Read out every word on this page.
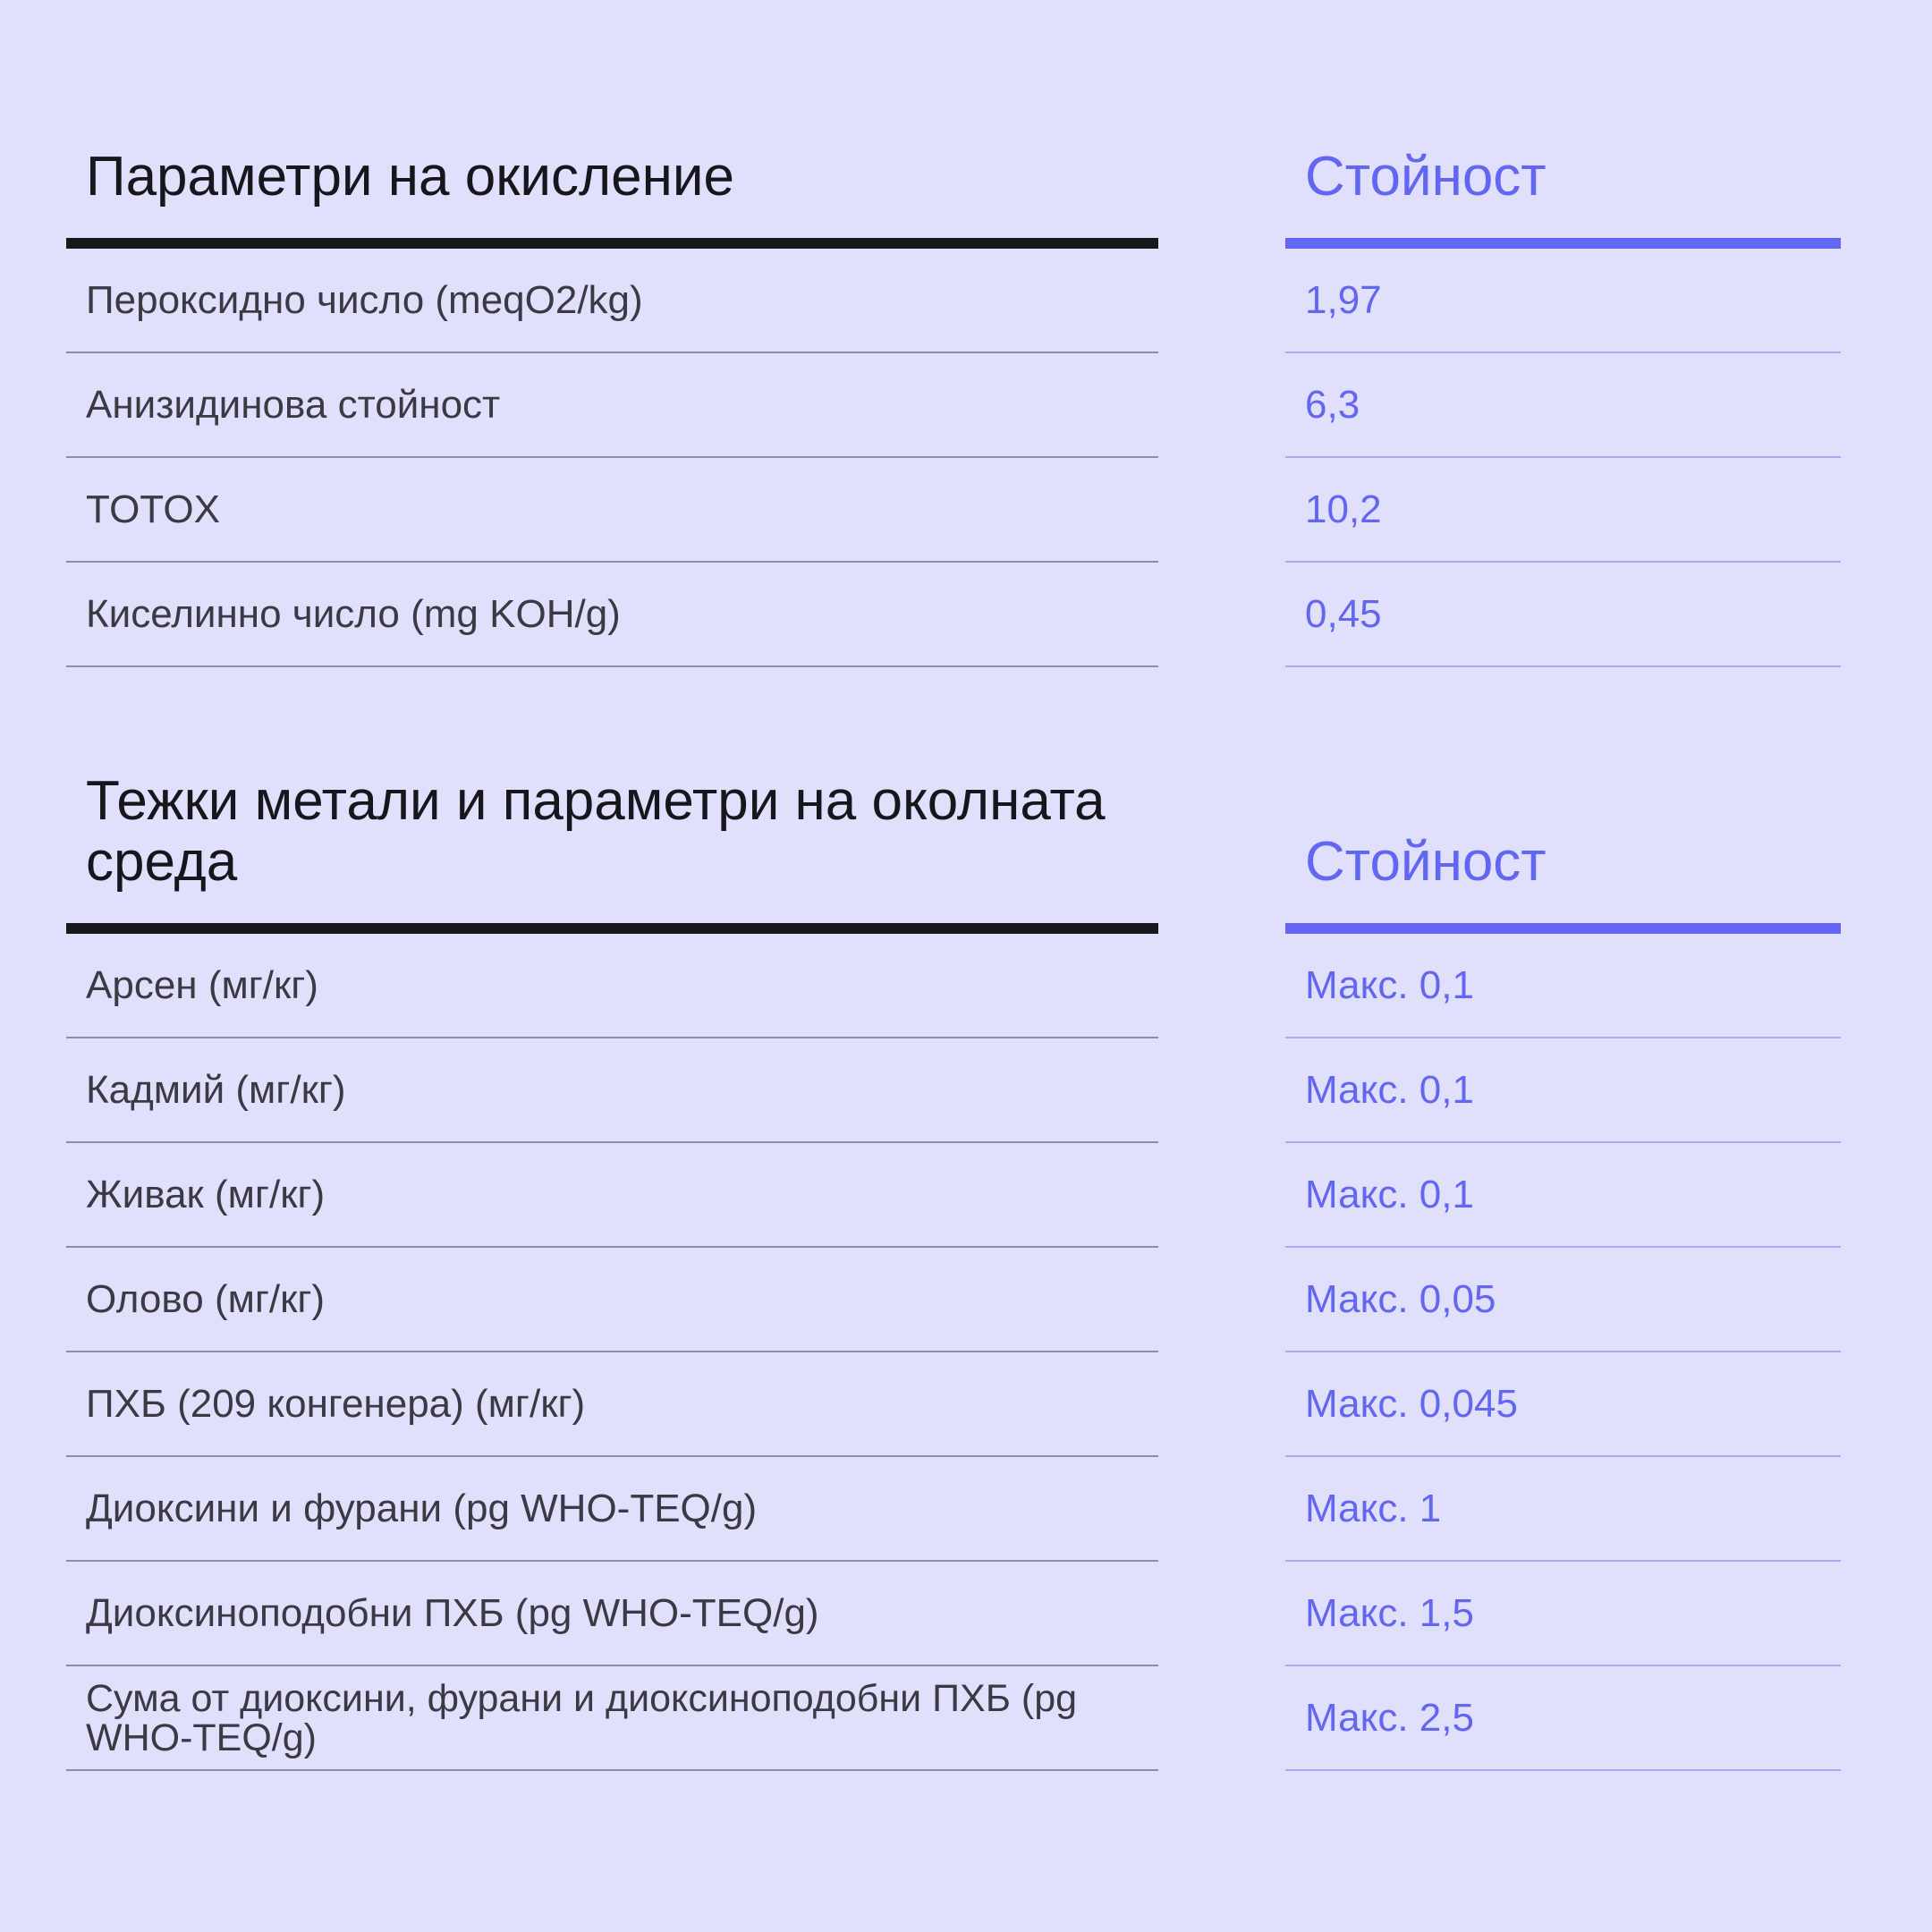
Параметри на окисление
Пероксидно число (meqO2/kg)
Анизидинова стойност
TOTOX
Киселинно число (mg KOH/g)
Стойност
1,97
6,3
10,2
0,45
Тежки метали и параметри на околната среда
Арсен (мг/кг)
Кадмий (мг/кг)
Живак (мг/кг)
Олово (мг/кг)
ПХБ (209 конгенера) (мг/кг)
Диоксини и фурани (pg WHO-TEQ/g)
Диоксиноподобни ПХБ (pg WHO-TEQ/g)
Сума от диоксини, фурани и диоксиноподобни ПХБ (pg WHO-TEQ/g)
Стойност
Макс. 0,1
Макс. 0,1
Макс. 0,1
Макс. 0,05
Макс. 0,045
Макс. 1
Макс. 1,5
Макс. 2,5
